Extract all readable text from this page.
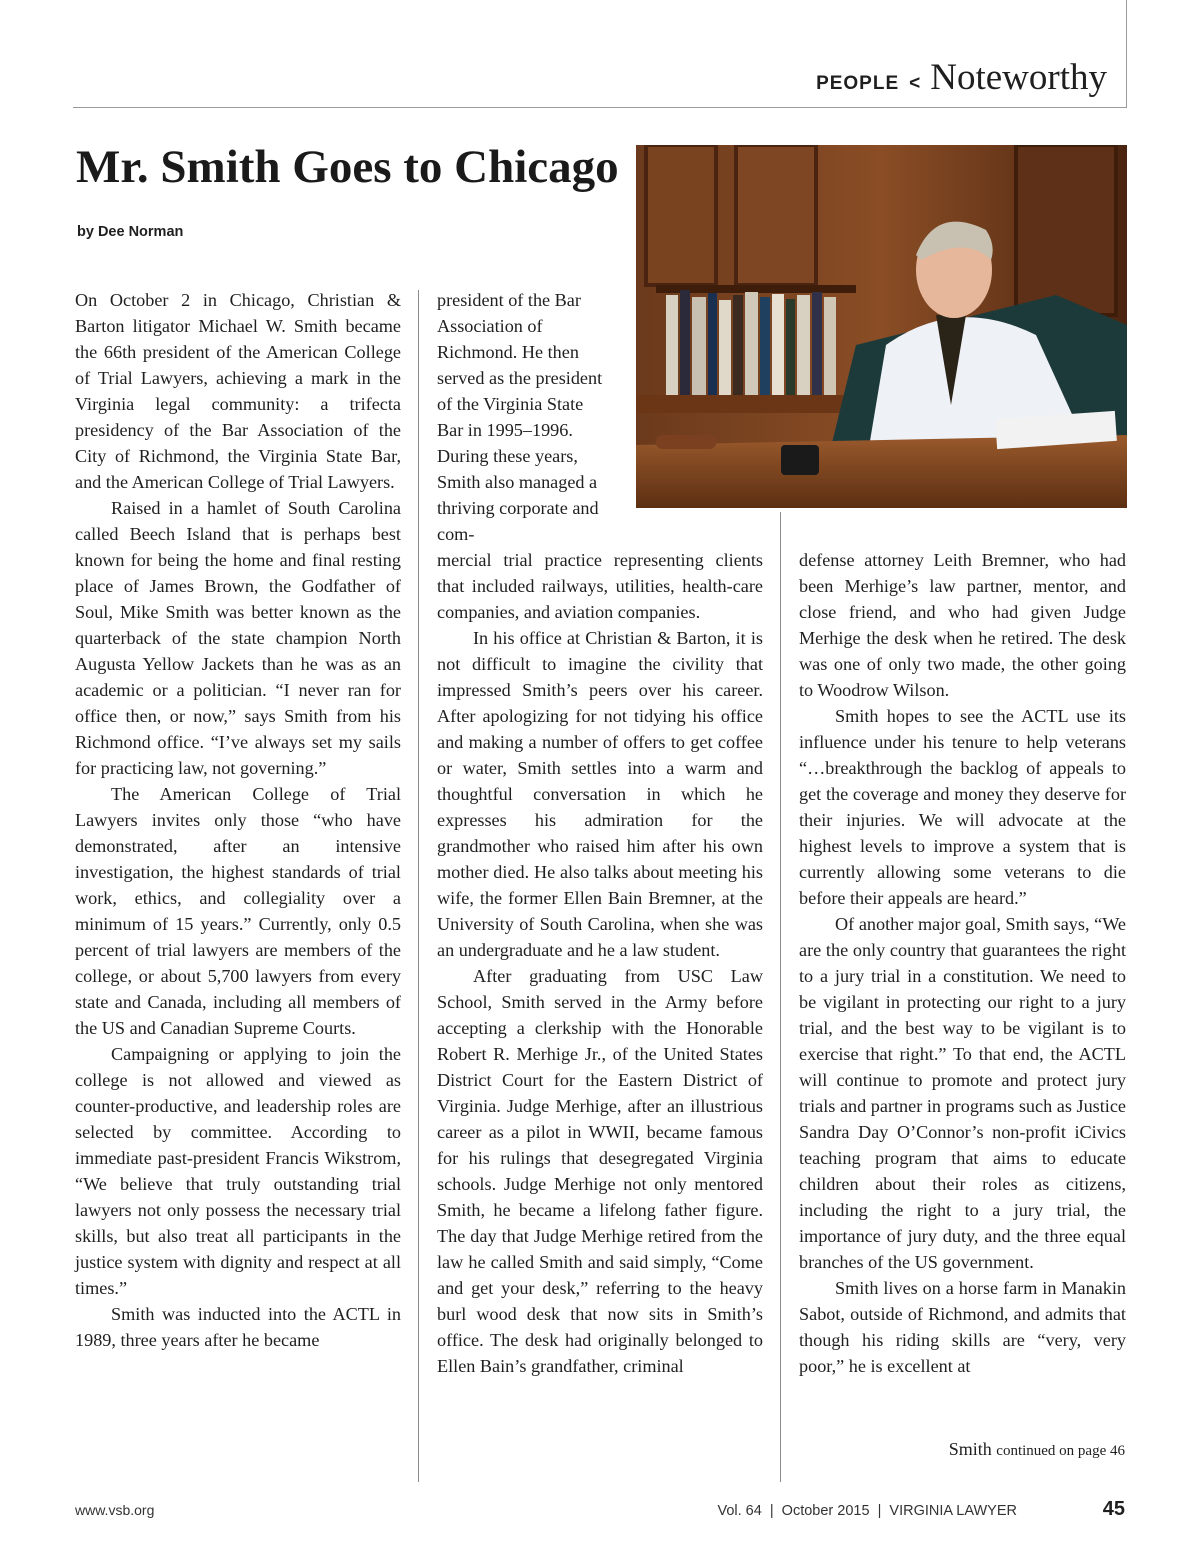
PEOPLE < Noteworthy
Mr. Smith Goes to Chicago
by Dee Norman

On October 2 in Chicago, Christian & Barton litigator Michael W. Smith became the 66th president of the American College of Trial Lawyers, achieving a mark in the Virginia legal community: a trifecta presidency of the Bar Association of the City of Richmond, the Virginia State Bar, and the American College of Trial Lawyers.

Raised in a hamlet of South Carolina called Beech Island that is perhaps best known for being the home and final resting place of James Brown, the Godfather of Soul, Mike Smith was better known as the quarterback of the state champion North Augusta Yellow Jackets than he was as an academic or a politician. “I never ran for office then, or now,” says Smith from his Richmond office. “I’ve always set my sails for practicing law, not governing.”

The American College of Trial Lawyers invites only those “who have demonstrated, after an intensive investigation, the highest standards of trial work, ethics, and collegiality over a minimum of 15 years.” Currently, only 0.5 percent of trial lawyers are members of the college, or about 5,700 lawyers from every state and Canada, including all members of the US and Canadian Supreme Courts.

Campaigning or applying to join the college is not allowed and viewed as counter-productive, and leadership roles are selected by committee. According to immediate past-president Francis Wikstrom, “We believe that truly outstanding trial lawyers not only possess the necessary trial skills, but also treat all participants in the justice system with dignity and respect at all times.”

Smith was inducted into the ACTL in 1989, three years after he became

president of the Bar Association of Richmond. He then served as the president of the Virginia State Bar in 1995–1996. During these years, Smith also managed a thriving corporate and com-

mercial trial practice representing clients that included railways, utilities, health-care companies, and aviation companies.

In his office at Christian & Barton, it is not difficult to imagine the civility that impressed Smith’s peers over his career. After apologizing for not tidying his office and making a number of offers to get coffee or water, Smith settles into a warm and thoughtful conversation in which he expresses his admiration for the grandmother who raised him after his own mother died. He also talks about meeting his wife, the former Ellen Bain Bremner, at the University of South Carolina, when she was an undergraduate and he a law student.

After graduating from USC Law School, Smith served in the Army before accepting a clerkship with the Honorable Robert R. Merhige Jr., of the United States District Court for the Eastern District of Virginia. Judge Merhige, after an illustrious career as a pilot in WWII, became famous for his rulings that desegregated Virginia schools. Judge Merhige not only mentored Smith, he became a lifelong father figure. The day that Judge Merhige retired from the law he called Smith and said simply, “Come and get your desk,” referring to the heavy burl wood desk that now sits in Smith’s office. The desk had originally belonged to Ellen Bain’s grandfather, criminal

defense attorney Leith Bremner, who had been Merhige’s law partner, mentor, and close friend, and who had given Judge Merhige the desk when he retired. The desk was one of only two made, the other going to Woodrow Wilson.

Smith hopes to see the ACTL use its influence under his tenure to help veterans “…breakthrough the backlog of appeals to get the coverage and money they deserve for their injuries. We will advocate at the highest levels to improve a system that is currently allowing some veterans to die before their appeals are heard.”

Of another major goal, Smith says, “We are the only country that guarantees the right to a jury trial in a constitution. We need to be vigilant in protecting our right to a jury trial, and the best way to be vigilant is to exercise that right.” To that end, the ACTL will continue to promote and protect jury trials and partner in programs such as Justice Sandra Day O’Connor’s non-profit iCivics teaching program that aims to educate children about their roles as citizens, including the right to a jury trial, the importance of jury duty, and the three equal branches of the US government.

Smith lives on a horse farm in Manakin Sabot, outside of Richmond, and admits that though his riding skills are “very, very poor,” he is excellent at

Smith continued on page 46
www.vsb.org	Vol. 64  |  October 2015  |  VIRGINIA LAWYER	45
